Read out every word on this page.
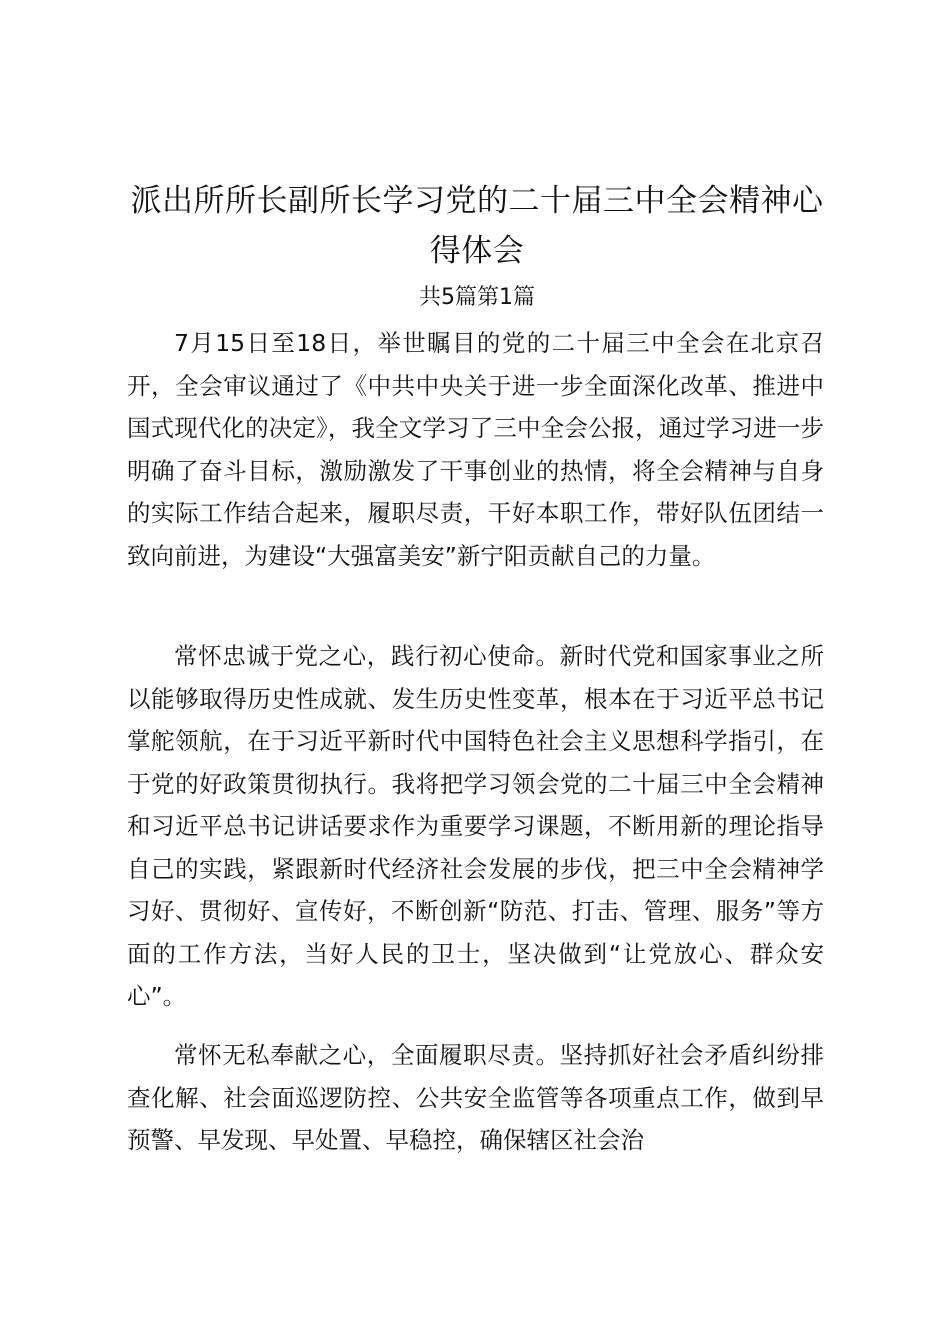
派出所所长副所长学习党的二十届三中全会精神心得体会
共5篇第1篇

7月15日至18日，举世瞩目的党的二十届三中全会在北京召开，全会审议通过了《中共中央关于进一步全面深化改革、推进中国式现代化的决定》，我全文学习了三中全会公报，通过学习进一步明确了奋斗目标，激励激发了干事创业的热情，将全会精神与自身的实际工作结合起来，履职尽责，干好本职工作，带好队伍团结一致向前进，为建设“大强富美安”新宁阳贡献自己的力量。

常怀忠诚于党之心，践行初心使命。新时代党和国家事业之所以能够取得历史性成就、发生历史性变革，根本在于习近平总书记掌舵领航，在于习近平新时代中国特色社会主义思想科学指引，在于党的好政策贯彻执行。我将把学习领会党的二十届三中全会精神和习近平总书记讲话要求作为重要学习课题，不断用新的理论指导自己的实践，紧跟新时代经济社会发展的步伐，把三中全会精神学习好、贯彻好、宣传好，不断创新“防范、打击、管理、服务”等方面的工作方法，当好人民的卫士，坚决做到“让党放心、群众安心”。

常怀无私奉献之心，全面履职尽责。坚持抓好社会矛盾纠纷排查化解、社会面巡逻防控、公共安全监管等各项重点工作，做到早预警、早发现、早处置、早稳控，确保辖区社会治
